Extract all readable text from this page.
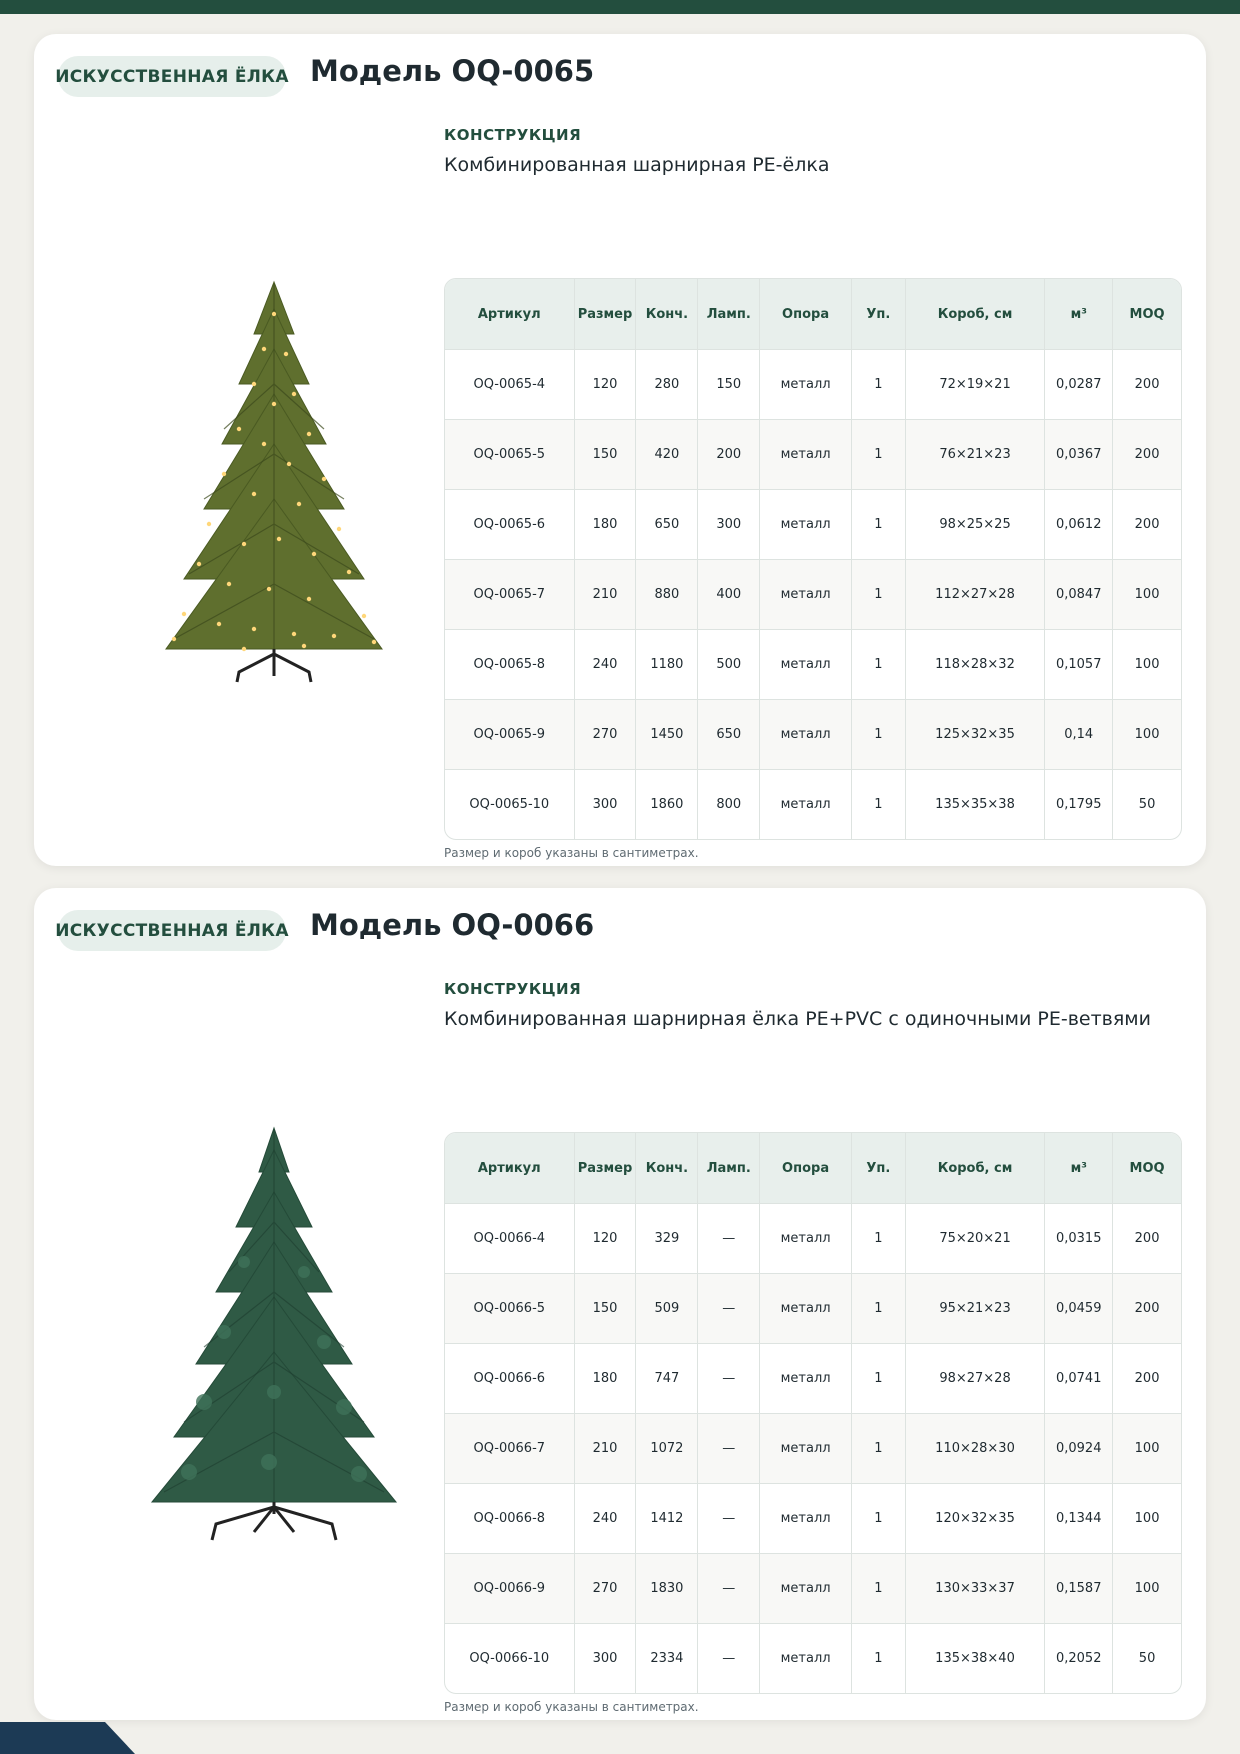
ИСКУССТВЕННАЯ ЁЛКА Модель OQ-0065
КОНСТРУКЦИЯ
Комбинированная шарнирная PE-ёлка
Артикул	Размер	Конч.	Ламп.	Опора	Уп.	Короб, см	м³	MOQ
OQ-0065-4	120	280	150	металл	1	72×19×21	0,0287	200
OQ-0065-5	150	420	200	металл	1	76×21×23	0,0367	200
OQ-0065-6	180	650	300	металл	1	98×25×25	0,0612	200
OQ-0065-7	210	880	400	металл	1	112×27×28	0,0847	100
OQ-0065-8	240	1180	500	металл	1	118×28×32	0,1057	100
OQ-0065-9	270	1450	650	металл	1	125×32×35	0,14	100
OQ-0065-10	300	1860	800	металл	1	135×35×38	0,1795	50
Размер и короб указаны в сантиметрах.
ИСКУССТВЕННАЯ ЁЛКА Модель OQ-0066
КОНСТРУКЦИЯ
Комбинированная шарнирная ёлка PE+PVC с одиночными PE-ветвями
Артикул	Размер	Конч.	Ламп.	Опора	Уп.	Короб, см	м³	MOQ
OQ-0066-4	120	329	—	металл	1	75×20×21	0,0315	200
OQ-0066-5	150	509	—	металл	1	95×21×23	0,0459	200
OQ-0066-6	180	747	—	металл	1	98×27×28	0,0741	200
OQ-0066-7	210	1072	—	металл	1	110×28×30	0,0924	100
OQ-0066-8	240	1412	—	металл	1	120×32×35	0,1344	100
OQ-0066-9	270	1830	—	металл	1	130×33×37	0,1587	100
OQ-0066-10	300	2334	—	металл	1	135×38×40	0,2052	50
Размер и короб указаны в сантиметрах.
